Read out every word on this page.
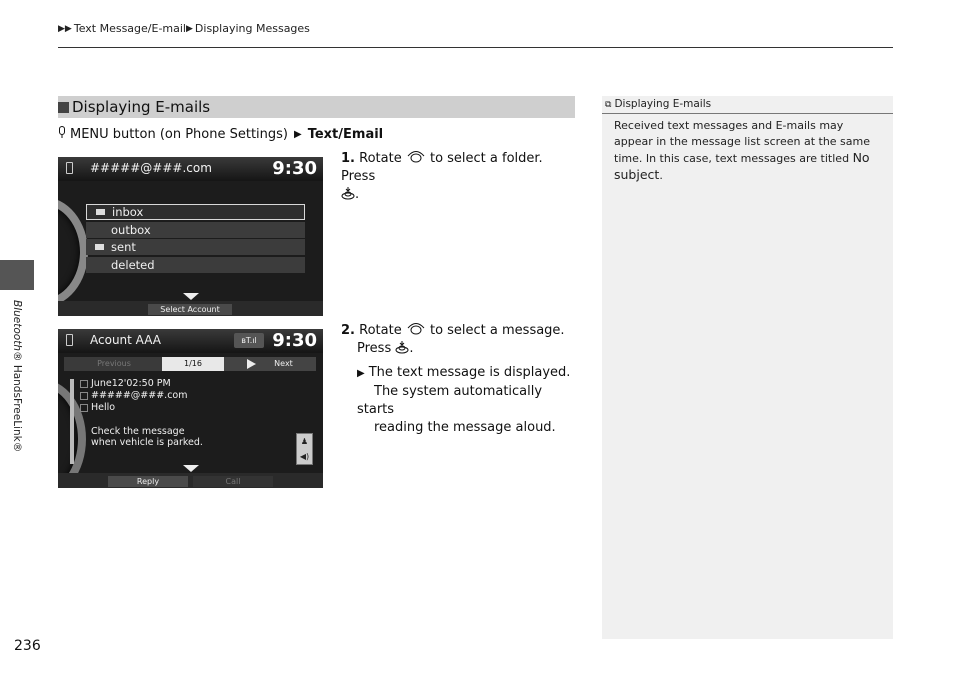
▶▶ Text Message/E-mail ▶ Displaying Messages
Bluetooth® HandsFreeLink®
236
Displaying E-mails
MENU button (on Phone Settings) ▶ Text/Email
#####@###.com	9:30
inbox
outbox
sent
deleted
Select Account
Acount AAA	ʙT.ıl 9:30
Previous	1/16	Next
June12'02:50 PM
#####@###.com
Hello
Check the message
when vehicle is parked.	♟
◀)
Reply	Call
1. Rotate to select a folder. Press
.
2. Rotate to select a message.
Press .
▶ The text message is displayed.
The system automatically starts
reading the message aloud.
⧉ Displaying E-mails
Received text messages and E-mails may appear in the message list screen at the same time. In this case, text messages are titled No subject.
